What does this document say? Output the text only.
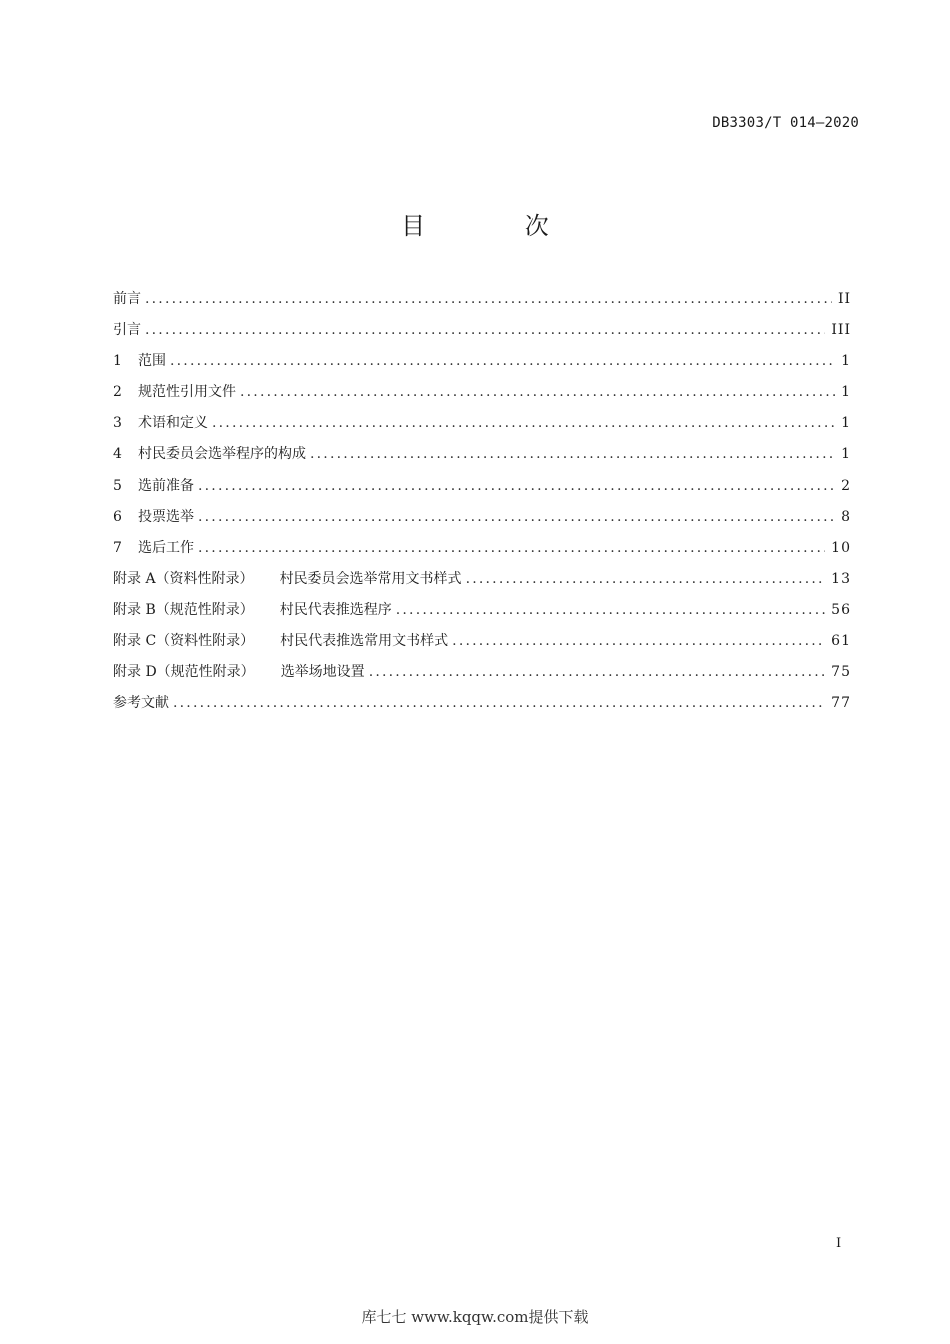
DB3303/T 014—2020
目 次
前言 .....	II
引言 .....	III
1	范围 .....	1
2	规范性引用文件 .....	1
3	术语和定义 .....	1
4	村民委员会选举程序的构成 .....	1
5	选前准备 .....	2
6	投票选举 .....	8
7	选后工作 .....	10
附录 A（资料性附录） 村民委员会选举常用文书样式 .....	13
附录 B（规范性附录） 村民代表推选程序 .....	56
附录 C（资料性附录） 村民代表推选常用文书样式 .....	61
附录 D（规范性附录） 选举场地设置 .....	75
参考文献 .....	77
I
库七七 www.kqqw.com提供下载
